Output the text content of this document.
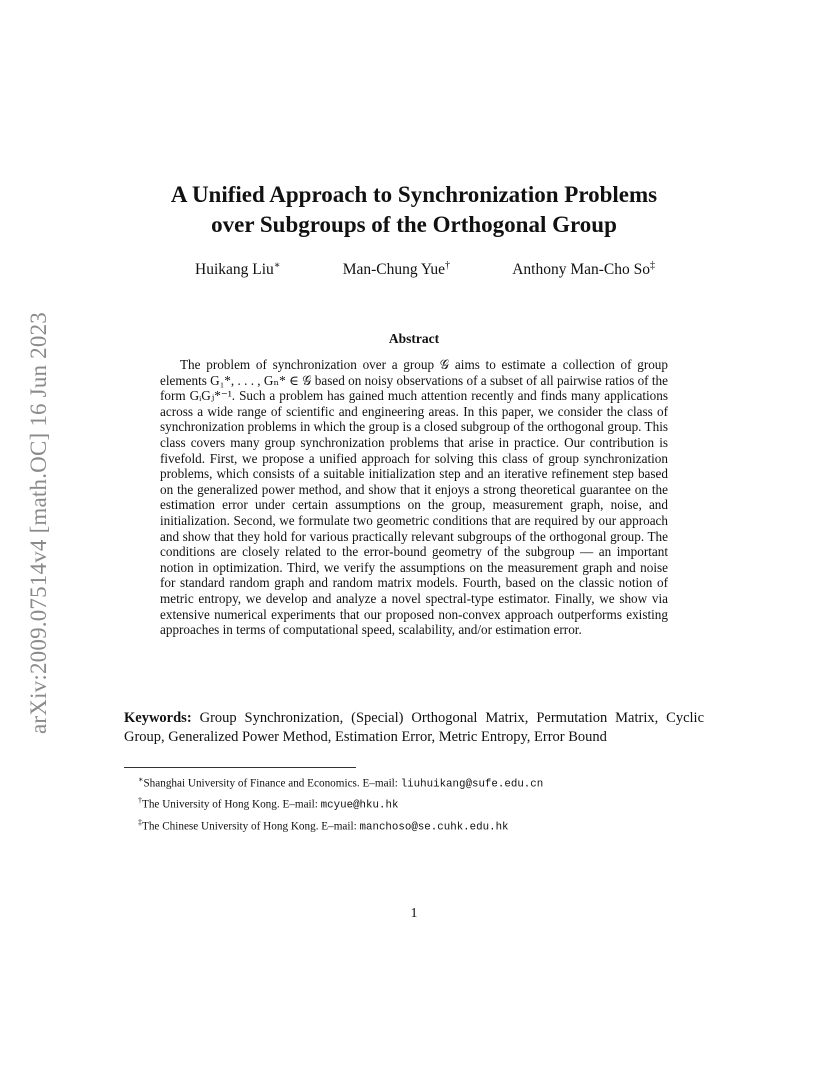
arXiv:2009.07514v4 [math.OC] 16 Jun 2023
A Unified Approach to Synchronization Problems
over Subgroups of the Orthogonal Group
Huikang Liu∗	Man-Chung Yue†	Anthony Man-Cho So‡
Abstract

The problem of synchronization over a group 𝒢 aims to estimate a collection of group elements G₁*, . . . , Gₙ* ∈ 𝒢 based on noisy observations of a subset of all pairwise ratios of the form GᵢGⱼ*⁻¹. Such a problem has gained much attention recently and finds many applications across a wide range of scientific and engineering areas. In this paper, we consider the class of synchronization problems in which the group is a closed subgroup of the orthogonal group. This class covers many group synchronization problems that arise in practice. Our contribution is fivefold. First, we propose a unified approach for solving this class of group synchronization problems, which consists of a suitable initialization step and an iterative refinement step based on the generalized power method, and show that it enjoys a strong theoretical guarantee on the estimation error under certain assumptions on the group, measurement graph, noise, and initialization. Second, we formulate two geometric conditions that are required by our approach and show that they hold for various practically relevant subgroups of the orthogonal group. The conditions are closely related to the error-bound geometry of the subgroup — an important notion in optimization. Third, we verify the assumptions on the measurement graph and noise for standard random graph and random matrix models. Fourth, based on the classic notion of metric entropy, we develop and analyze a novel spectral-type estimator. Finally, we show via extensive numerical experiments that our proposed non-convex approach outperforms existing approaches in terms of computational speed, scalability, and/or estimation error.

Keywords: Group Synchronization, (Special) Orthogonal Matrix, Permutation Matrix, Cyclic Group, Generalized Power Method, Estimation Error, Metric Entropy, Error Bound

∗Shanghai University of Finance and Economics. E–mail: liuhuikang@sufe.edu.cn
†The University of Hong Kong. E–mail: mcyue@hku.hk
‡The Chinese University of Hong Kong. E–mail: manchoso@se.cuhk.edu.hk
1
